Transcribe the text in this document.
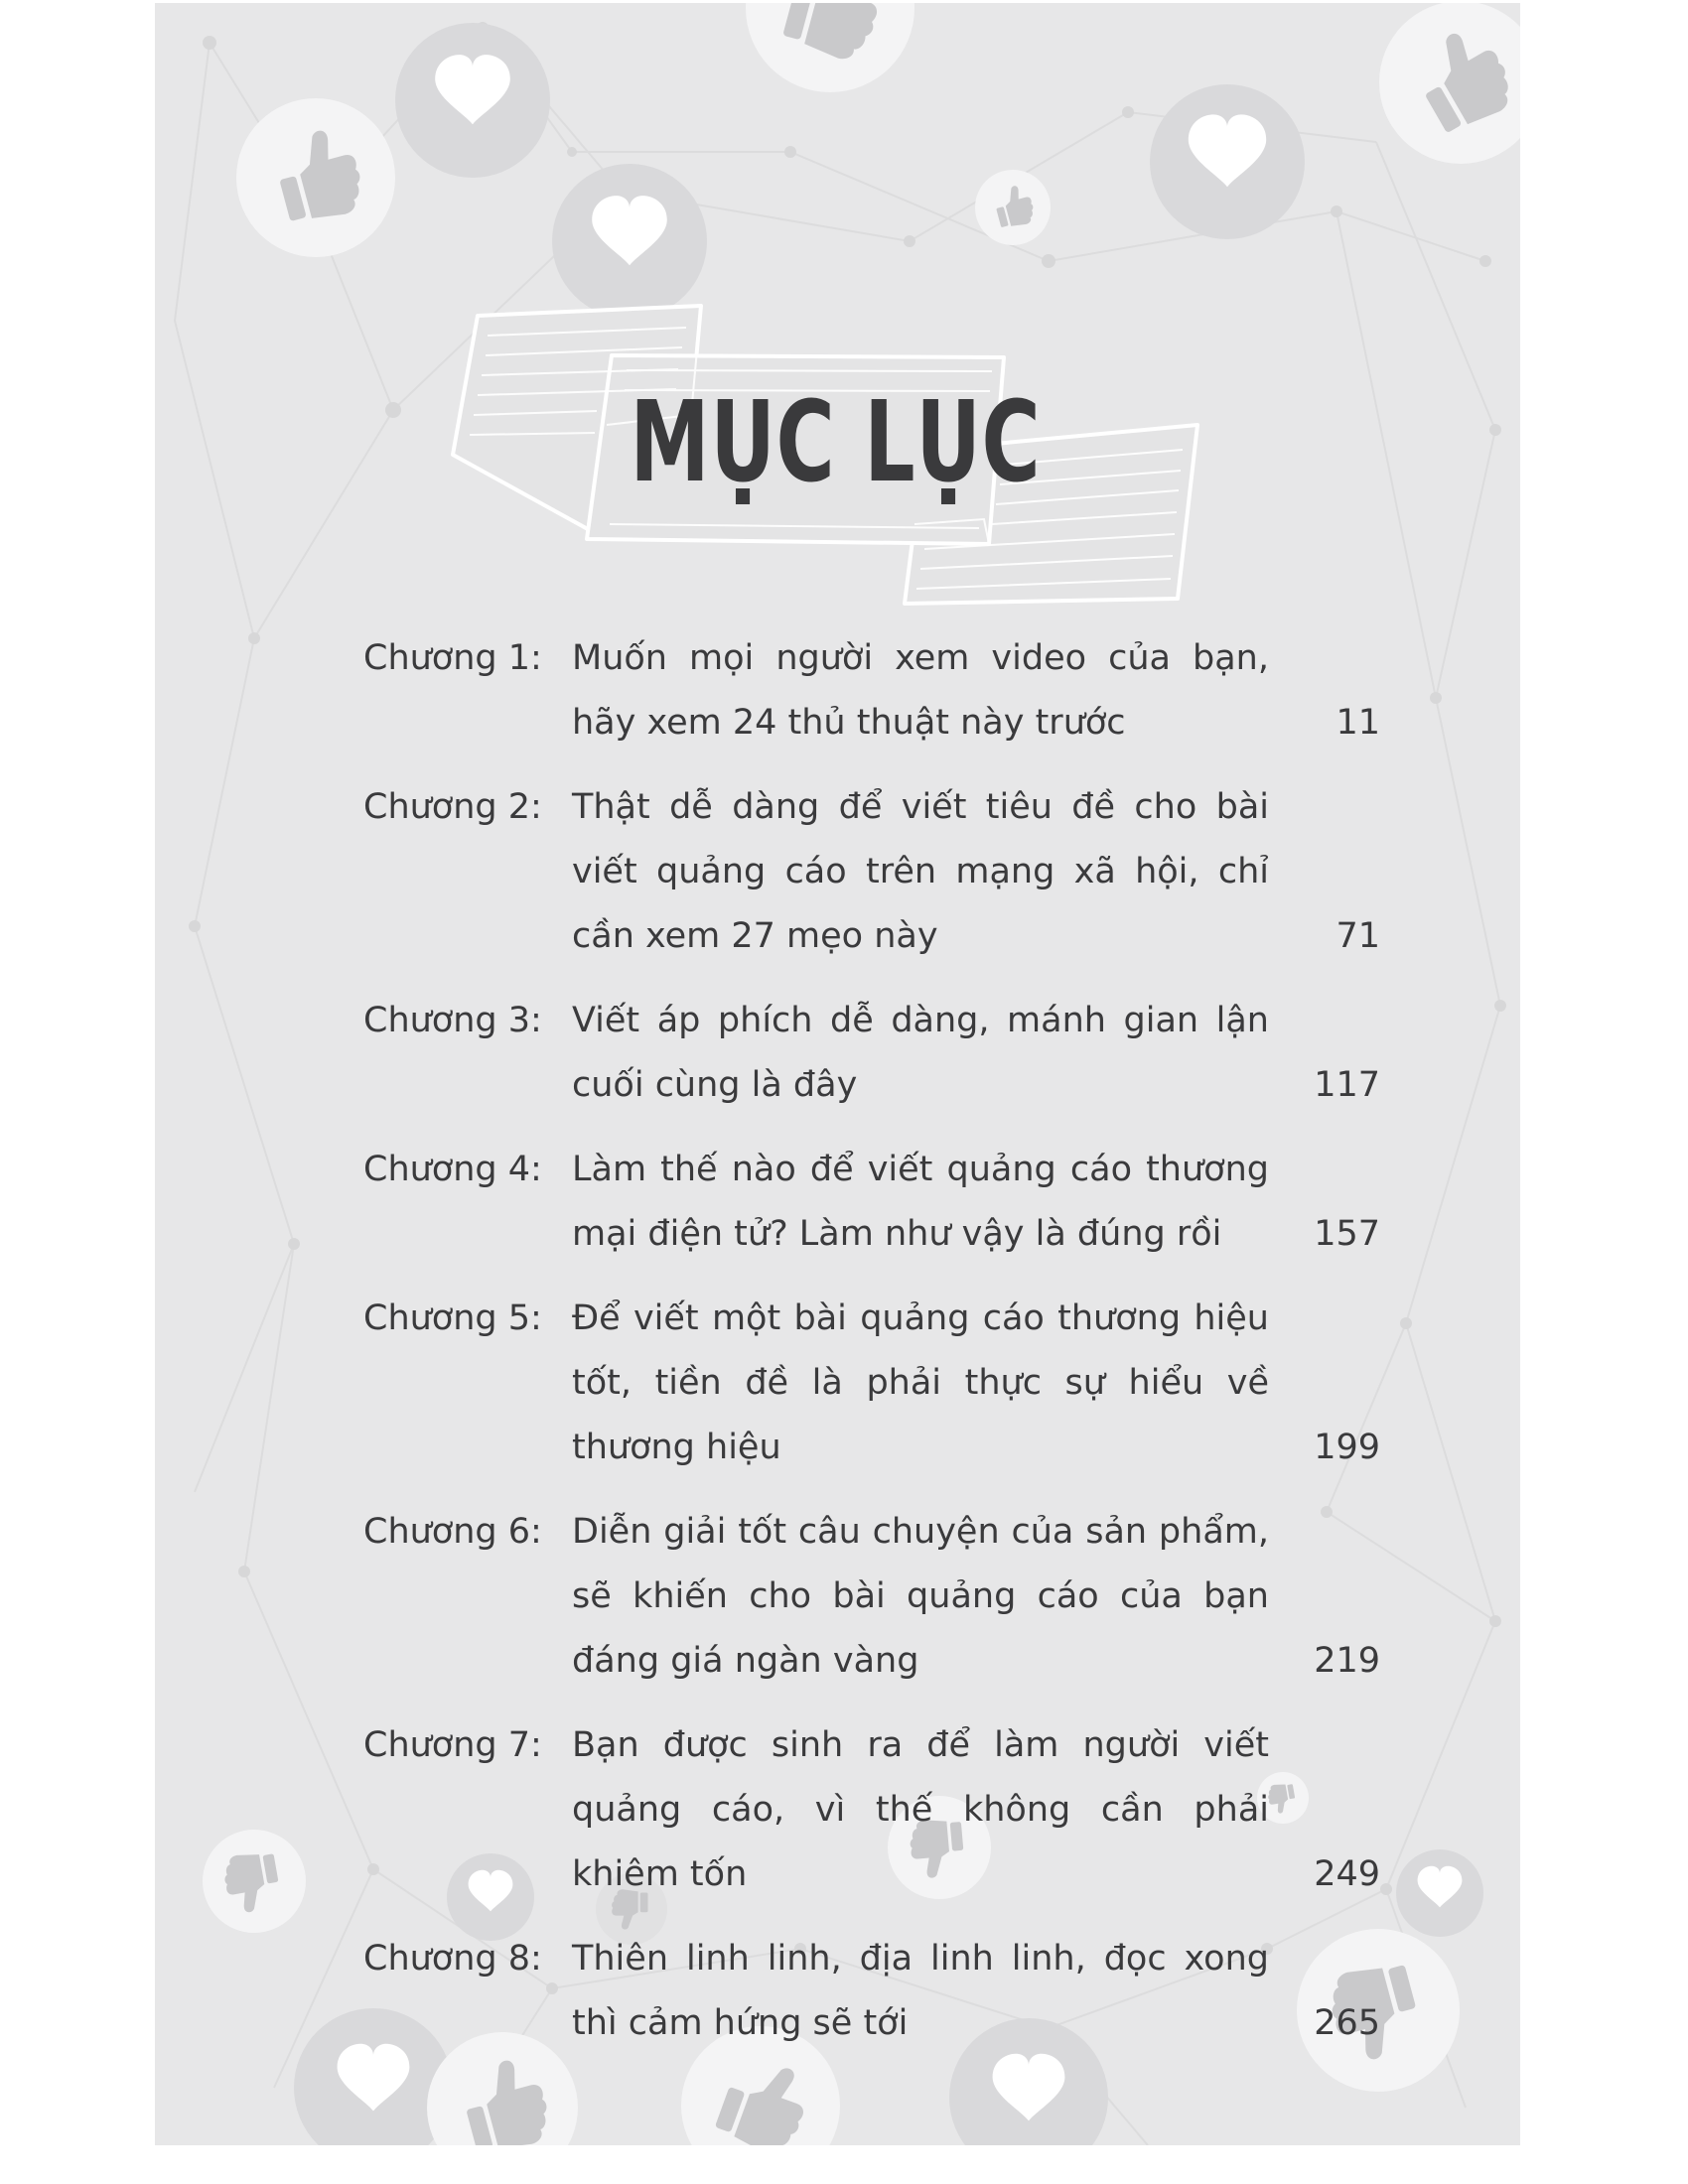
MỤC LỤC
Chương 1: Muốn mọi người xem video của bạn, hãy xem 24 thủ thuật này trước	11
Chương 2: Thật dễ dàng để viết tiêu đề cho bài viết quảng cáo trên mạng xã hội, chỉ cần xem 27 mẹo này	71
Chương 3: Viết áp phích dễ dàng, mánh gian lận cuối cùng là đây	117
Chương 4: Làm thế nào để viết quảng cáo thương mại điện tử? Làm như vậy là đúng rồi	157
Chương 5: Để viết một bài quảng cáo thương hiệu tốt, tiền đề là phải thực sự hiểu về thương hiệu	199
Chương 6: Diễn giải tốt câu chuyện của sản phẩm, sẽ khiến cho bài quảng cáo của bạn đáng giá ngàn vàng	219
Chương 7: Bạn được sinh ra để làm người viết quảng cáo, vì thế không cần phải khiêm tốn	249
Chương 8: Thiên linh linh, địa linh linh, đọc xong thì cảm hứng sẽ tới	265
